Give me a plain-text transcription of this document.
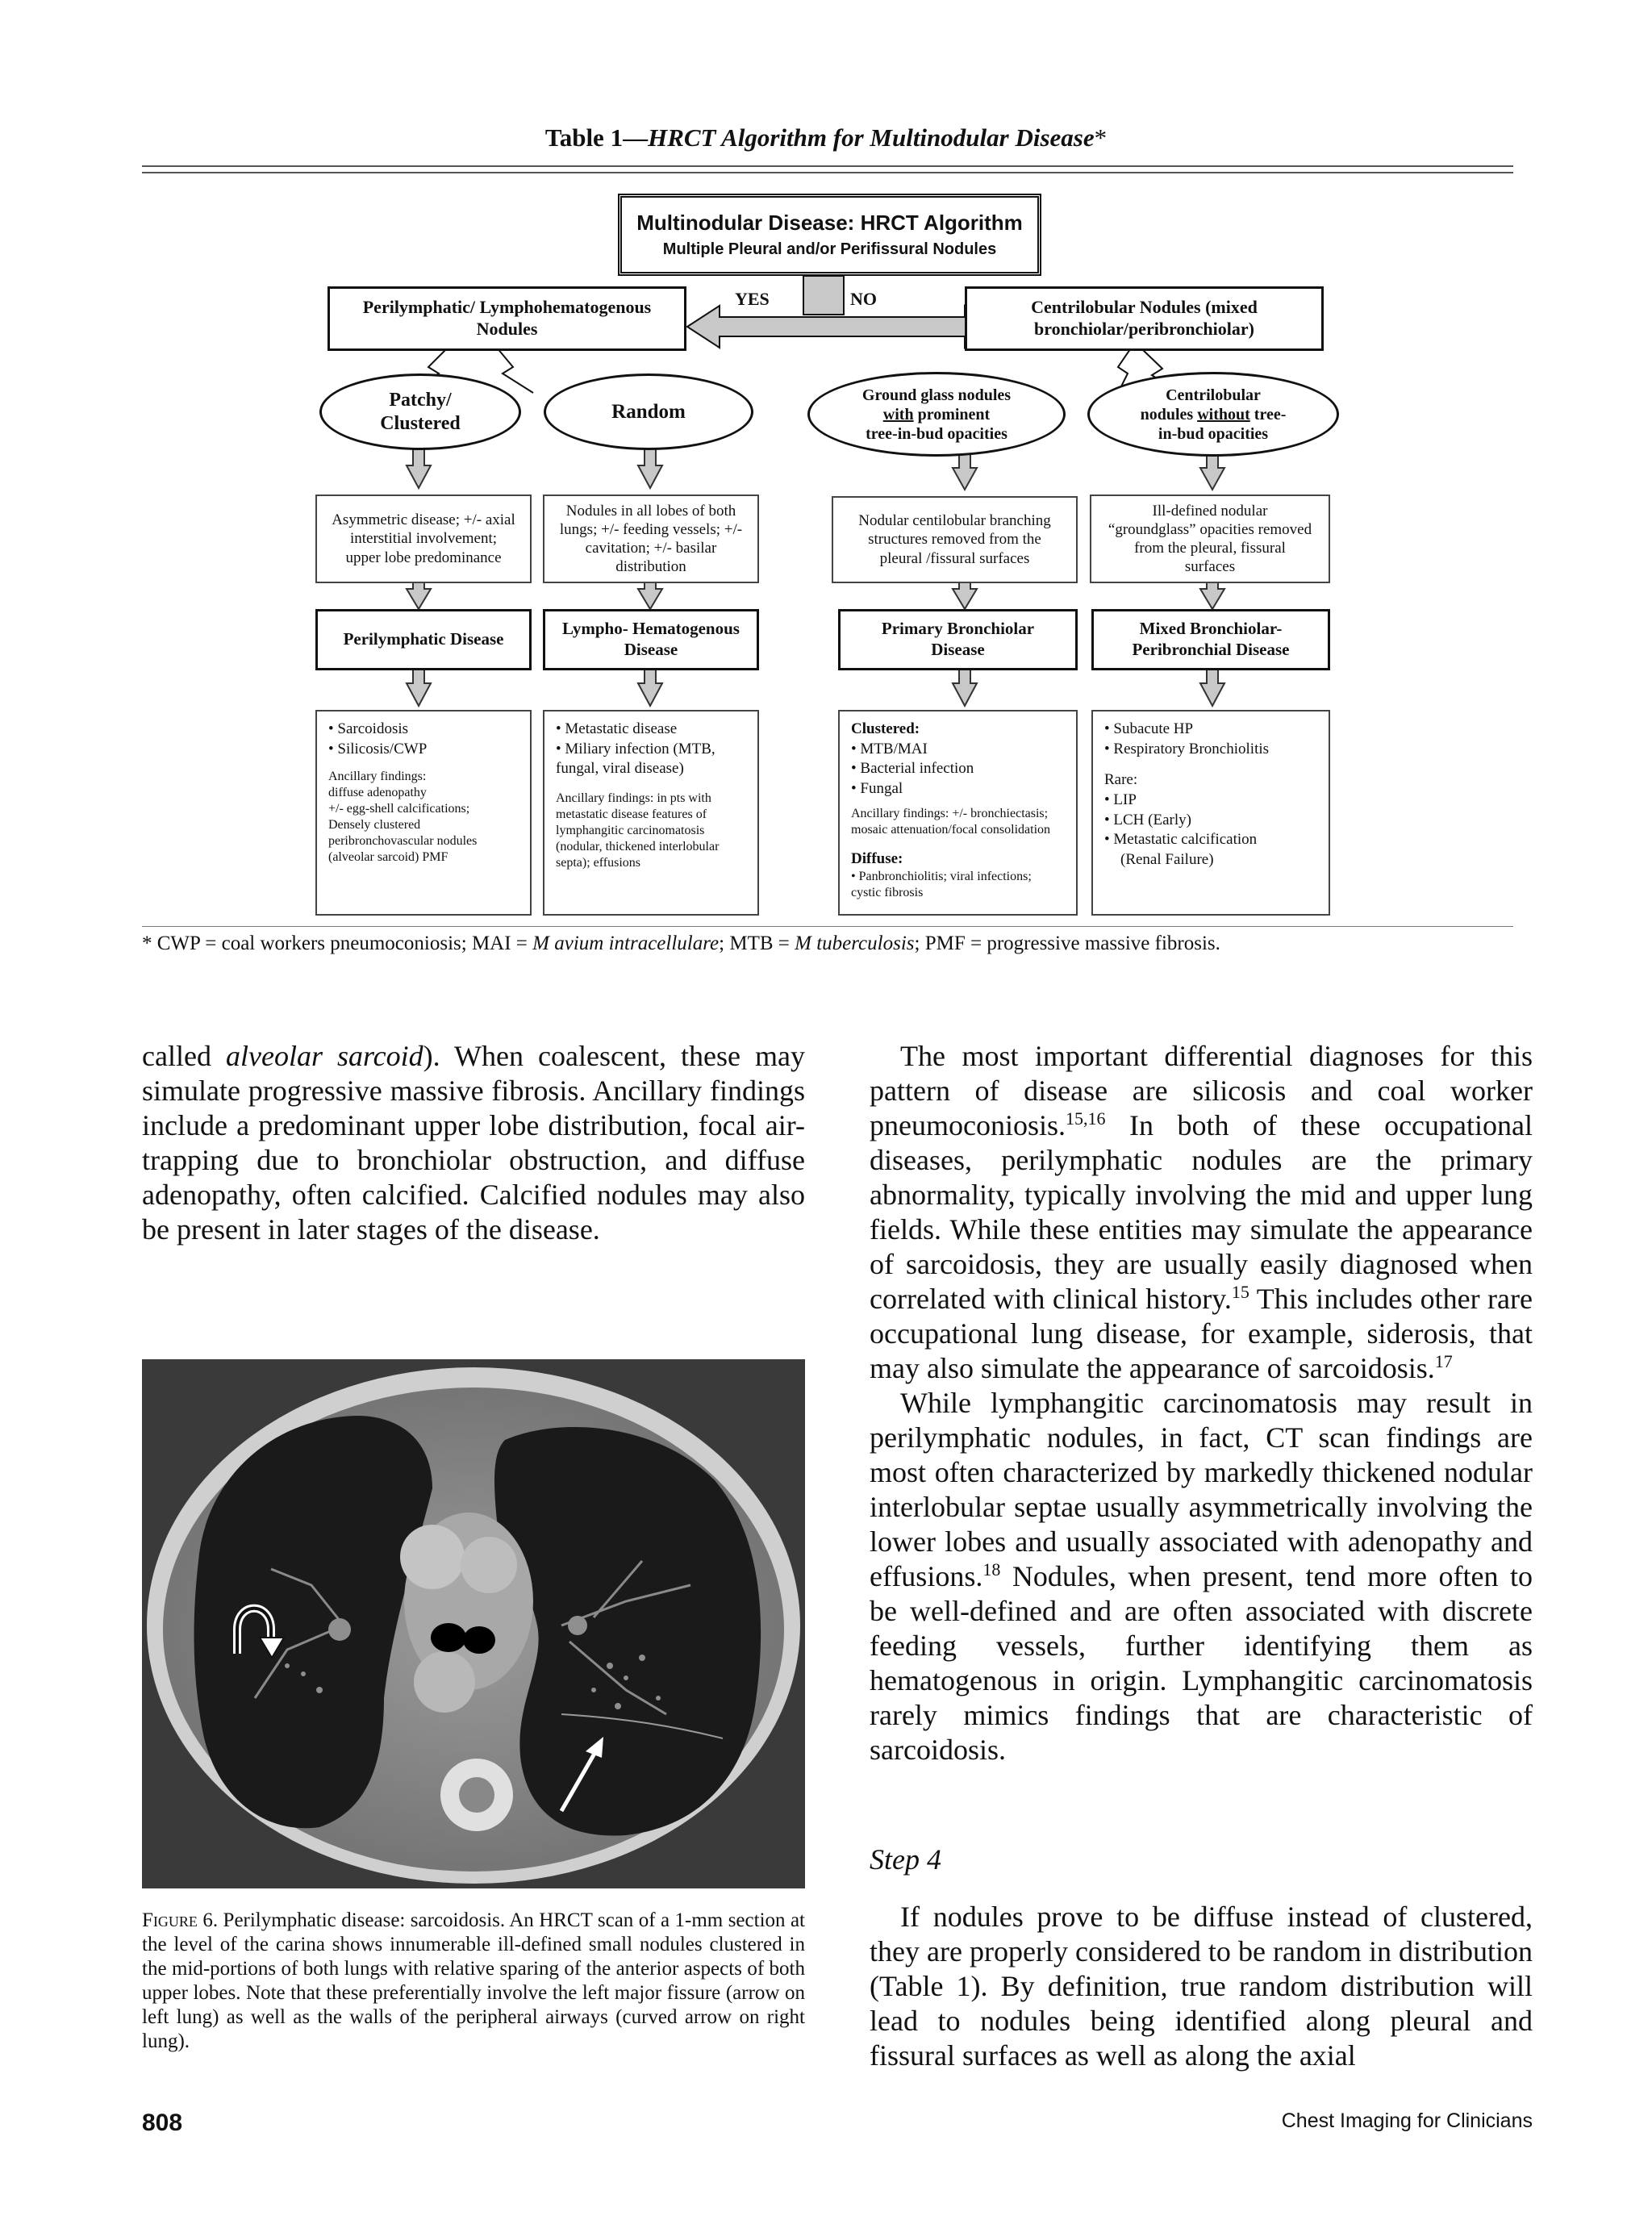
Table 1—HRCT Algorithm for Multinodular Disease*
Multinodular Disease: HRCT Algorithm
Multiple Pleural and/or Perifissural Nodules
YES	NO
Perilymphatic/ Lymphohematogenous Nodules
Centrilobular Nodules (mixed bronchiolar/peribronchiolar)
Patchy/ Clustered
Random
Ground glass nodules
with prominent
tree-in-bud opacities
Centrilobular
nodules without tree-
in-bud opacities
Asymmetric disease; +/- axial interstitial involvement; upper lobe predominance
Nodules in all lobes of both lungs; +/- feeding vessels; +/- cavitation; +/- basilar distribution
Nodular centilobular branching structures removed from the pleural /fissural surfaces
Ill-defined nodular “groundglass” opacities removed from the pleural, fissural surfaces
Perilymphatic Disease
Lympho- Hematogenous Disease
Primary Bronchiolar Disease
Mixed Bronchiolar- Peribronchial Disease
• Sarcoidosis
• Silicosis/CWP
Ancillary findings:
diffuse adenopathy
+/- egg-shell calcifications;
Densely clustered
peribronchovascular nodules
(alveolar sarcoid) PMF
• Metastatic disease
• Miliary infection (MTB, fungal, viral disease)
Ancillary findings: in pts with metastatic disease features of lymphangitic carcinomatosis (nodular, thickened interlobular septa); effusions
Clustered:
• MTB/MAI
• Bacterial infection
• Fungal
Ancillary findings: +/- bronchiectasis; mosaic attenuation/focal consolidation
Diffuse:
• Panbronchiolitis; viral infections; cystic fibrosis
• Subacute HP
• Respiratory Bronchiolitis
Rare:
• LIP
• LCH (Early)
• Metastatic calcification
(Renal Failure)
* CWP = coal workers pneumoconiosis; MAI = M avium intracellulare; MTB = M tuberculosis; PMF = progressive massive fibrosis.

called alveolar sarcoid). When coalescent, these may simulate progressive massive fibrosis. Ancillary findings include a predominant upper lobe distribution, focal air-trapping due to bronchiolar obstruction, and diffuse adenopathy, often calcified. Calcified nodules may also be present in later stages of the disease.

Figure 6. Perilymphatic disease: sarcoidosis. An HRCT scan of a 1-mm section at the level of the carina shows innumerable ill-defined small nodules clustered in the mid-portions of both lungs with relative sparing of the anterior aspects of both upper lobes. Note that these preferentially involve the left major fissure (arrow on left lung) as well as the walls of the peripheral airways (curved arrow on right lung).

The most important differential diagnoses for this pattern of disease are silicosis and coal worker pneumoconiosis.$^{15,16}$ In both of these occupational diseases, perilymphatic nodules are the primary abnormality, typically involving the mid and upper lung fields. While these entities may simulate the appearance of sarcoidosis, they are usually easily diagnosed when correlated with clinical history.$^{15}$ This includes other rare occupational lung disease, for example, siderosis, that may also simulate the appearance of sarcoidosis.$^{17}$

While lymphangitic carcinomatosis may result in perilymphatic nodules, in fact, CT scan findings are most often characterized by markedly thickened nodular interlobular septae usually asymmetrically involving the lower lobes and usually associated with adenopathy and effusions.$^{18}$ Nodules, when present, tend more often to be well-defined and are often associated with discrete feeding vessels, further identifying them as hematogenous in origin. Lymphangitic carcinomatosis rarely mimics findings that are characteristic of sarcoidosis.

Step 4

If nodules prove to be diffuse instead of clustered, they are properly considered to be random in distribution (Table 1). By definition, true random distribution will lead to nodules being identified along pleural and fissural surfaces as well as along the axial

808	Chest Imaging for Clinicians
